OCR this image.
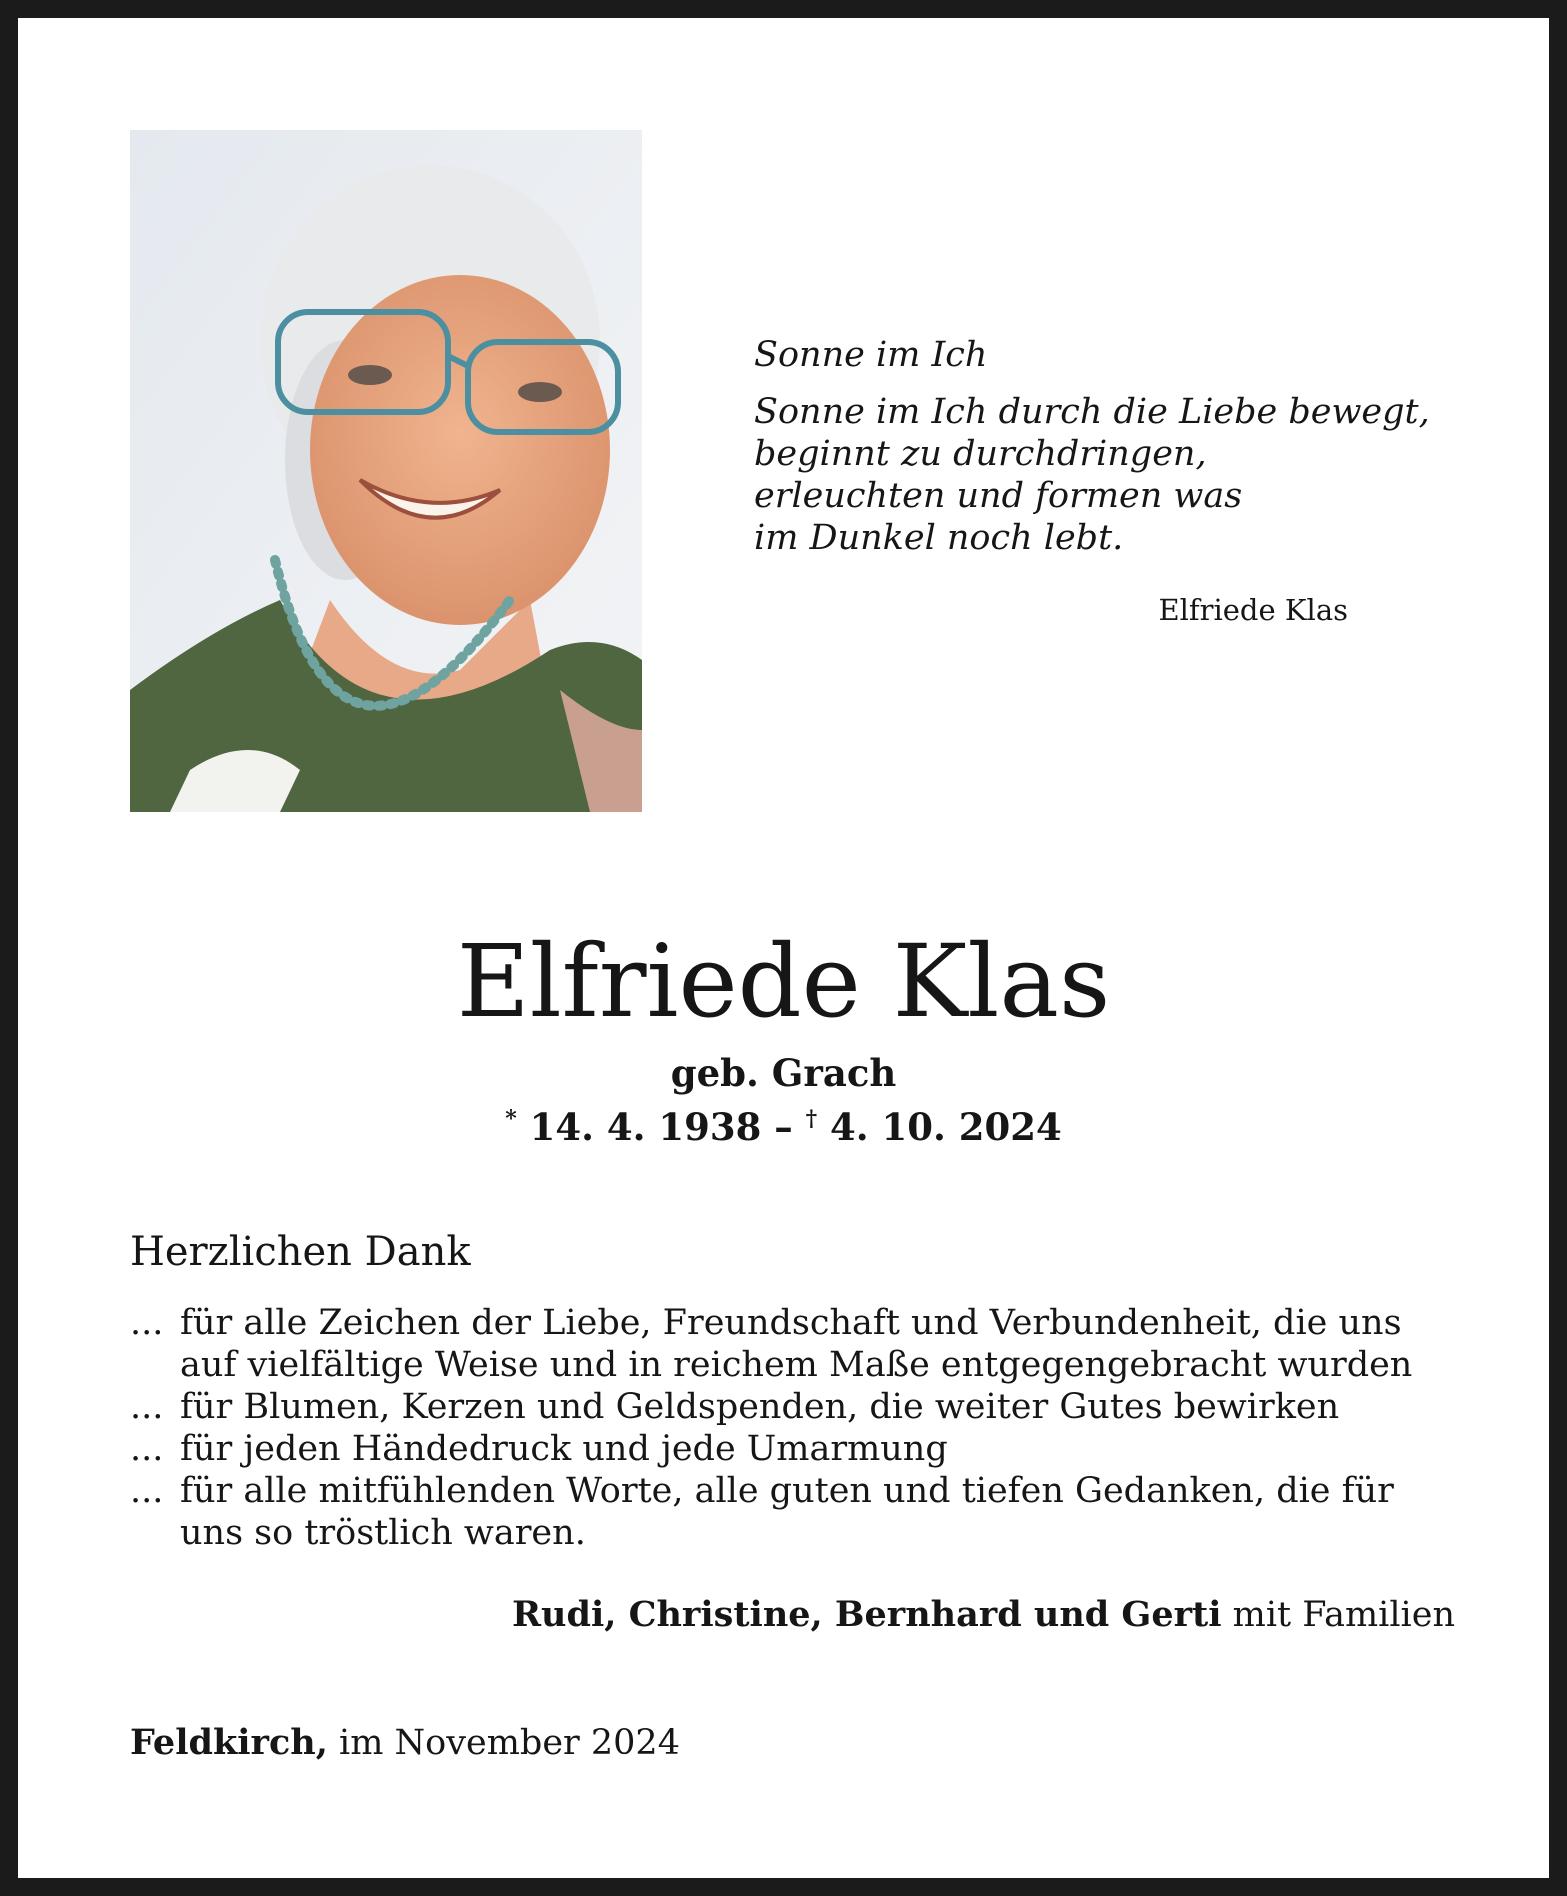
Sonne im Ich
Sonne im Ich durch die Liebe bewegt,
beginnt zu durchdringen,
erleuchten und formen was
im Dunkel noch lebt.
Elfriede Klas
Elfriede Klas
geb. Grach
* 14. 4. 1938 – † 4. 10. 2024
Herzlichen Dank
... für alle Zeichen der Liebe, Freundschaft und Verbundenheit, die uns auf vielfältige Weise und in reichem Maße entgegengebracht wurden
... für Blumen, Kerzen und Geldspenden, die weiter Gutes bewirken
... für jeden Händedruck und jede Umarmung
... für alle mitfühlenden Worte, alle guten und tiefen Gedanken, die für uns so tröstlich waren.
Rudi, Christine, Bernhard und Gerti mit Familien
Feldkirch, im November 2024
